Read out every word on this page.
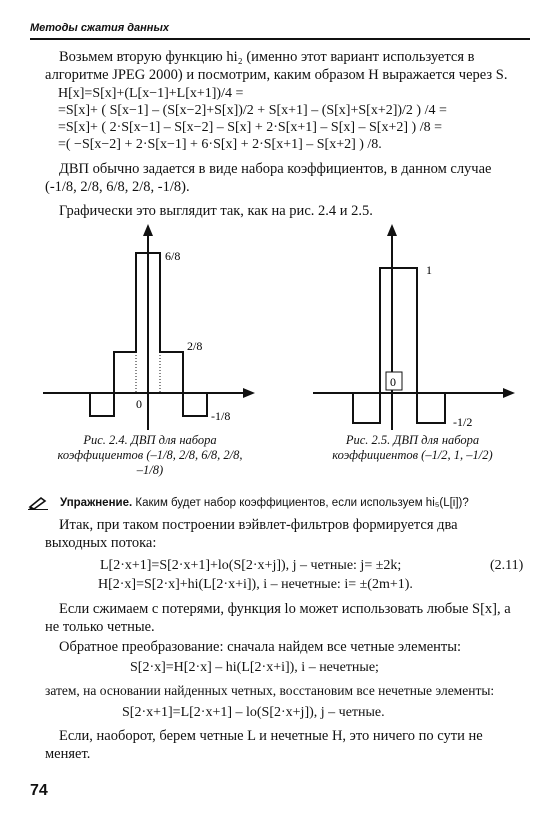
Методы сжатия данных
Возьмем вторую функцию hi₂ (именно этот вариант используется в алгоритме JPEG 2000) и посмотрим, каким образом H выражается через S.
H[x]=S[x]+(L[x−1]+L[x+1])/4 =
=S[x]+ ( S[x−1] – (S[x−2]+S[x])/2 + S[x+1] – (S[x]+S[x+2])/2 ) /4 =
=S[x]+ ( 2·S[x−1] – S[x−2] – S[x] + 2·S[x+1] – S[x] – S[x+2] ) /8 =
=( −S[x−2] + 2·S[x−1] + 6·S[x] + 2·S[x+1] – S[x+2] ) /8.
ДВП обычно задается в виде набора коэффициентов, в данном случае (-1/8, 2/8, 6/8, 2/8, -1/8).
Графически это выглядит так, как на рис. 2.4 и 2.5.
6/8
2/8
0
-1/8
Рис. 2.4. ДВП для набора коэффициентов (–1/8, 2/8, 6/8, 2/8, –1/8)
0
1
-1/2
Рис. 2.5. ДВП для набора коэффициентов (–1/2, 1, –1/2)
Упражнение. Каким будет набор коэффициентов, если используем hi₅(L[i])?
Итак, при таком построении вэйвлет-фильтров формируется два выходных потока:
L[2·x+1]=S[2·x+1]+lo(S[2·x+j]), j – четные: j= ±2k;	(2.11)
H[2·x]=S[2·x]+hi(L[2·x+i]), i – нечетные: i= ±(2m+1).
Если сжимаем с потерями, функция lo может использовать любые S[x], а не только четные.
Обратное преобразование: сначала найдем все четные элементы:
S[2·x]=H[2·x] – hi(L[2·x+i]), i – нечетные;
затем, на основании найденных четных, восстановим все нечетные элементы:
S[2·x+1]=L[2·x+1] – lo(S[2·x+j]), j – четные.
Если, наоборот, берем четные L и нечетные H, это ничего по сути не меняет.
74
